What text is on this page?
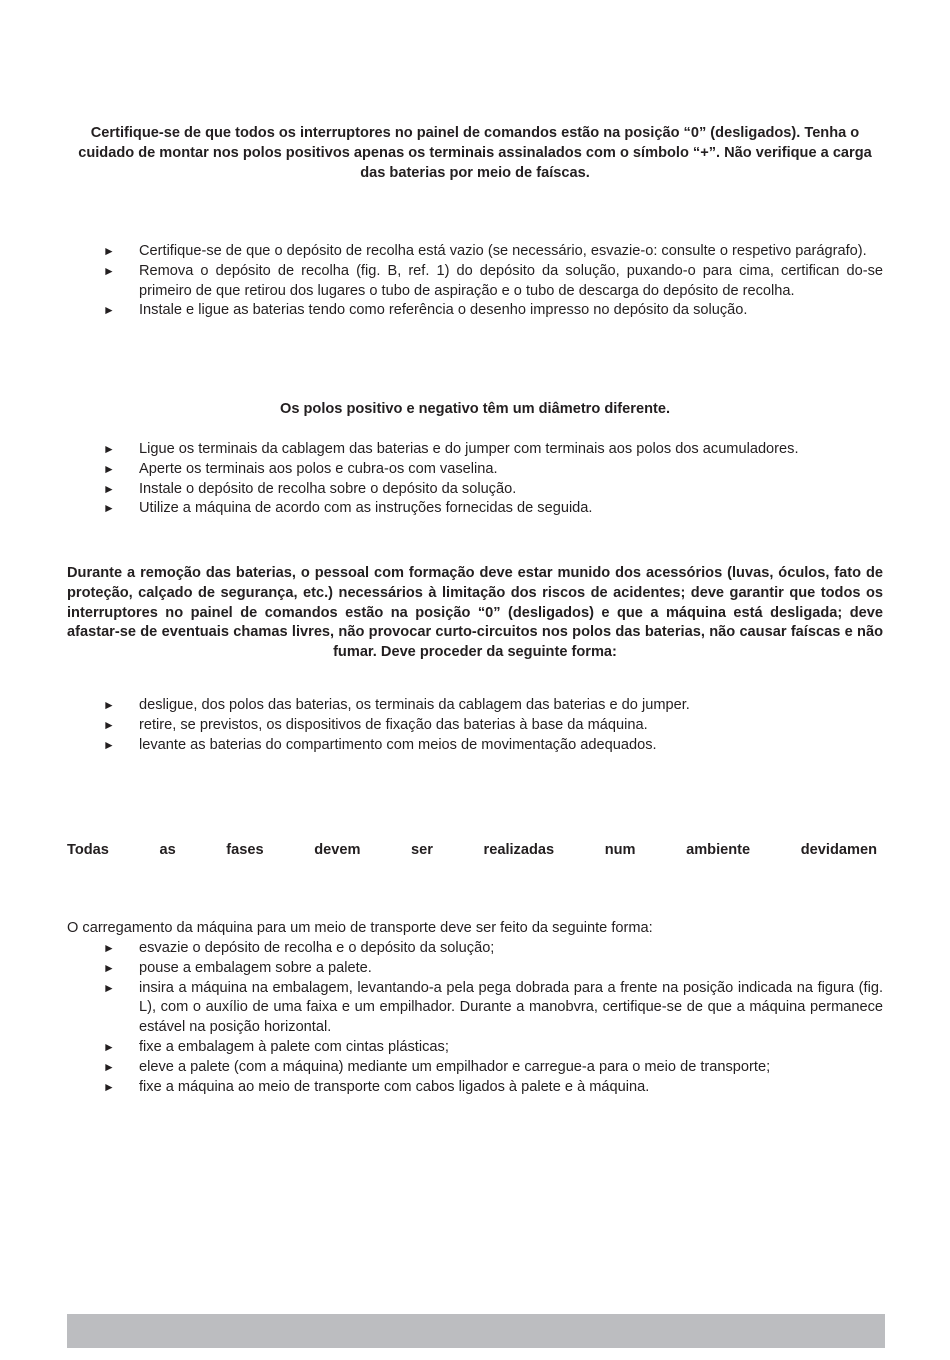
Certifique-se de que todos os interruptores no painel de comandos estão na posição “0” (desligados). Tenha o cuidado de montar nos polos positivos apenas os terminais assinalados com o símbolo “+”. Não verifique a carga das baterias por meio de faíscas.
► Certifique-se de que o depósito de recolha está vazio (se necessário, esvazie-o: consulte o respetivo parágrafo).
► Remova o depósito de recolha (fig. B, ref. 1) do depósito da solução, puxando-o para cima, certifican do-se primeiro de que retirou dos lugares o tubo de aspiração e o tubo de descarga do depósito de recolha.
► Instale e ligue as baterias tendo como referência o desenho impresso no depósito da solução.
Os polos positivo e negativo têm um diâmetro diferente.
► Ligue os terminais da cablagem das baterias e do jumper com terminais aos polos dos acumuladores.
► Aperte os terminais aos polos e cubra-os com vaselina.
► Instale o depósito de recolha sobre o depósito da solução.
► Utilize a máquina de acordo com as instruções fornecidas de seguida.
Durante a remoção das baterias, o pessoal com formação deve estar munido dos acessórios (luvas, óculos, fato de proteção, calçado de segurança, etc.) necessários à limitação dos riscos de acidentes; deve garantir que todos os interruptores no painel de comandos estão na posição “0” (desligados) e que a máquina está desligada; deve afastar-se de eventuais chamas livres, não provocar curto-circuitos nos polos das baterias, não causar faíscas e não fumar. Deve proceder da seguinte forma:
► desligue, dos polos das baterias, os terminais da cablagem das baterias e do jumper.
► retire, se previstos, os dispositivos de fixação das baterias à base da máquina.
► levante as baterias do compartimento com meios de movimentação adequados.
Todas	as	fases	devem	ser	realizadas	num	ambiente	devidamen
O carregamento da máquina para um meio de transporte deve ser feito da seguinte forma:
► esvazie o depósito de recolha e o depósito da solução;
► pouse a embalagem sobre a palete.
► insira a máquina na embalagem, levantando-a pela pega dobrada para a frente na posição indicada na figura (fig. L), com o auxílio de uma faixa e um empilhador. Durante a manobvra, certifique-se de que a máquina permanece estável na posição horizontal.
► fixe a embalagem à palete com cintas plásticas;
► eleve a palete (com a máquina) mediante um empilhador e carregue-a para o meio de transporte;
► fixe a máquina ao meio de transporte com cabos ligados à palete e à máquina.
